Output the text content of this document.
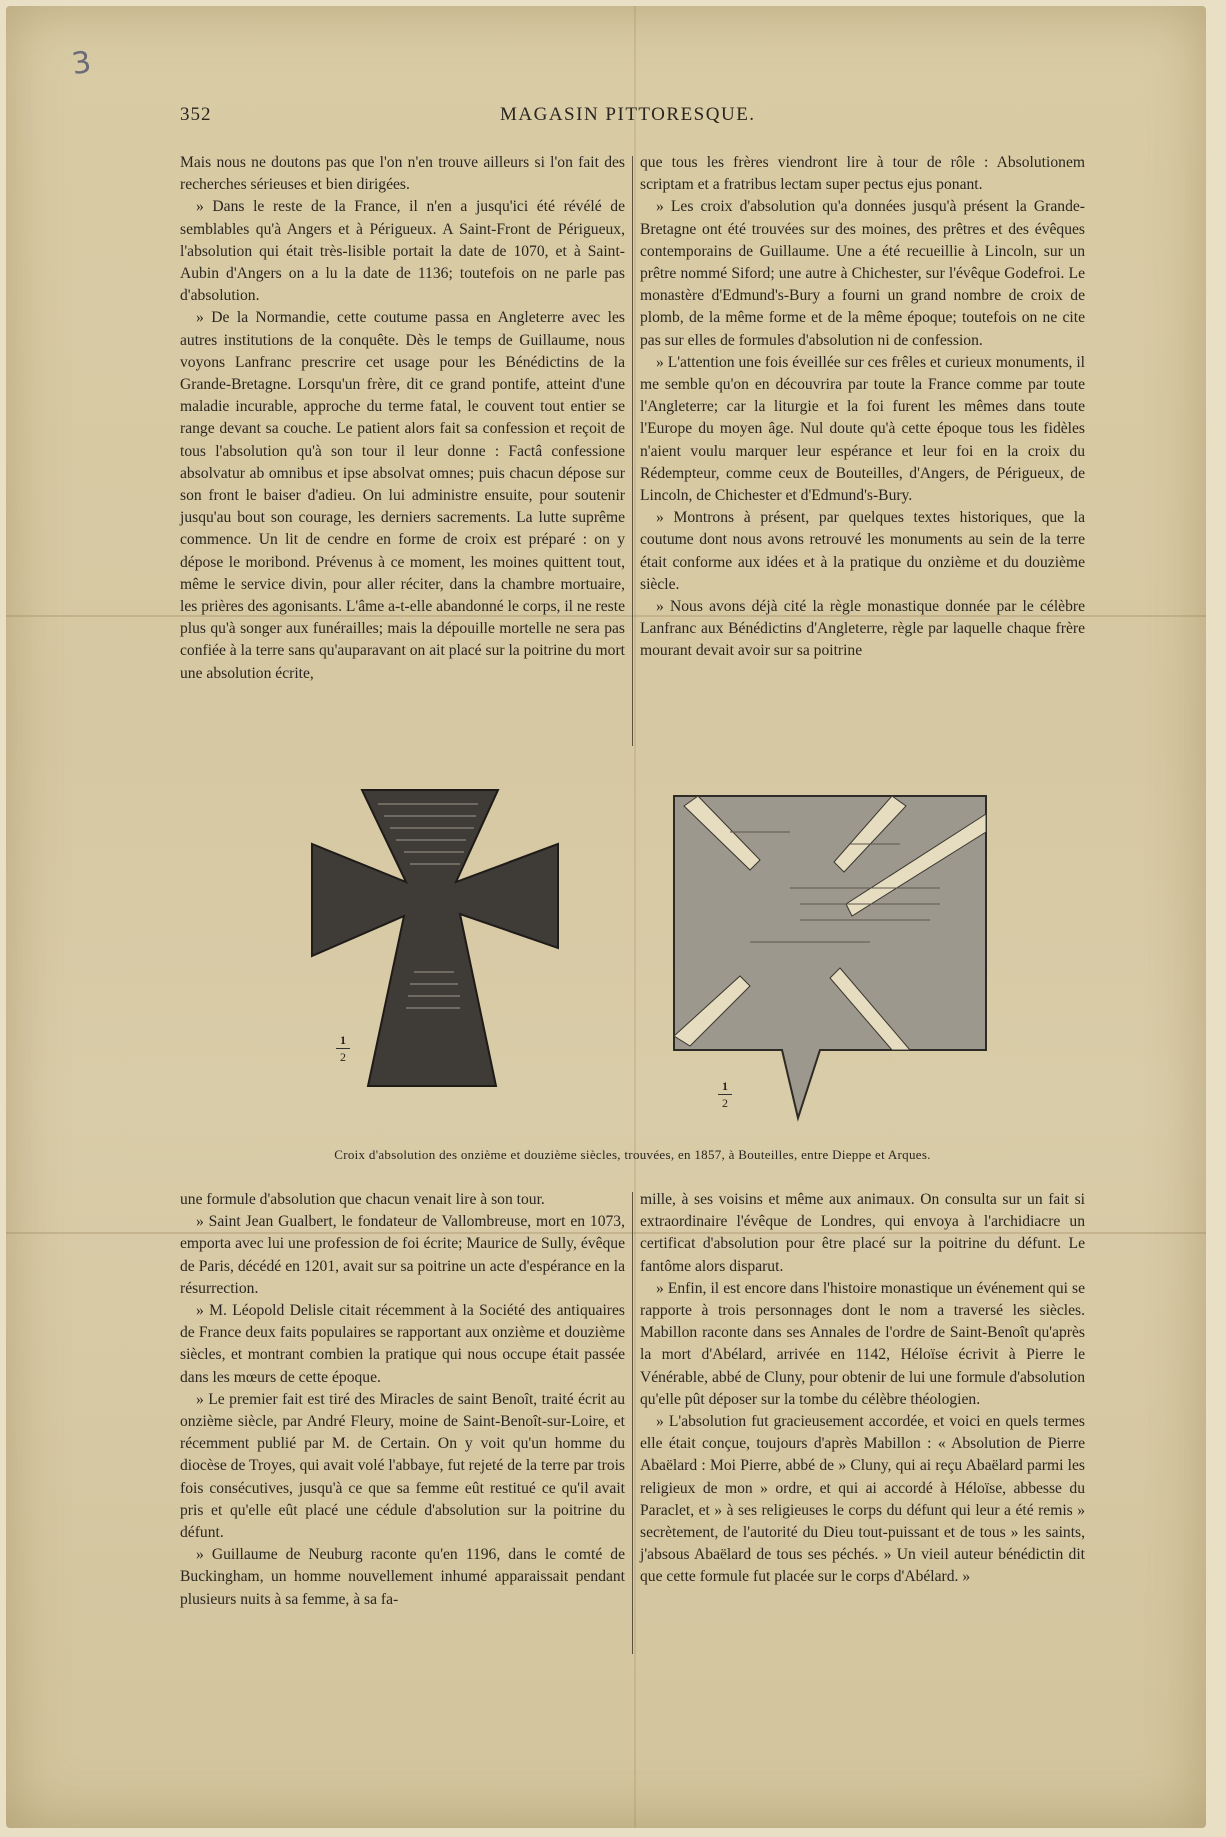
3
352	MAGASIN PITTORESQUE.

Mais nous ne doutons pas que l'on n'en trouve ailleurs si l'on fait des recherches sérieuses et bien dirigées.

» Dans le reste de la France, il n'en a jusqu'ici été révélé de semblables qu'à Angers et à Périgueux. A Saint-Front de Périgueux, l'absolution qui était très-lisible portait la date de 1070, et à Saint-Aubin d'Angers on a lu la date de 1136; toutefois on ne parle pas d'absolution.

» De la Normandie, cette coutume passa en Angleterre avec les autres institutions de la conquête. Dès le temps de Guillaume, nous voyons Lanfranc prescrire cet usage pour les Bénédictins de la Grande-Bretagne. Lorsqu'un frère, dit ce grand pontife, atteint d'une maladie incurable, approche du terme fatal, le couvent tout entier se range devant sa couche. Le patient alors fait sa confession et reçoit de tous l'absolution qu'à son tour il leur donne : Factâ confessione absolvatur ab omnibus et ipse absolvat omnes; puis chacun dépose sur son front le baiser d'adieu. On lui administre ensuite, pour soutenir jusqu'au bout son courage, les derniers sacrements. La lutte suprême commence. Un lit de cendre en forme de croix est préparé : on y dépose le moribond. Prévenus à ce moment, les moines quittent tout, même le service divin, pour aller réciter, dans la chambre mortuaire, les prières des agonisants. L'âme a-t-elle abandonné le corps, il ne reste plus qu'à songer aux funérailles; mais la dépouille mortelle ne sera pas confiée à la terre sans qu'auparavant on ait placé sur la poitrine du mort une absolution écrite,

que tous les frères viendront lire à tour de rôle : Absolutionem scriptam et a fratribus lectam super pectus ejus ponant.

» Les croix d'absolution qu'a données jusqu'à présent la Grande-Bretagne ont été trouvées sur des moines, des prêtres et des évêques contemporains de Guillaume. Une a été recueillie à Lincoln, sur un prêtre nommé Siford; une autre à Chichester, sur l'évêque Godefroi. Le monastère d'Edmund's-Bury a fourni un grand nombre de croix de plomb, de la même forme et de la même époque; toutefois on ne cite pas sur elles de formules d'absolution ni de confession.

» L'attention une fois éveillée sur ces frêles et curieux monuments, il me semble qu'on en découvrira par toute la France comme par toute l'Angleterre; car la liturgie et la foi furent les mêmes dans toute l'Europe du moyen âge. Nul doute qu'à cette époque tous les fidèles n'aient voulu marquer leur espérance et leur foi en la croix du Rédempteur, comme ceux de Bouteilles, d'Angers, de Périgueux, de Lincoln, de Chichester et d'Edmund's-Bury.

» Montrons à présent, par quelques textes historiques, que la coutume dont nous avons retrouvé les monuments au sein de la terre était conforme aux idées et à la pratique du onzième et du douzième siècle.

» Nous avons déjà cité la règle monastique donnée par le célèbre Lanfranc aux Bénédictins d'Angleterre, règle par laquelle chaque frère mourant devait avoir sur sa poitrine

$\frac{1}{2}$
$\frac{1}{2}$
Croix d'absolution des onzième et douzième siècles, trouvées, en 1857, à Bouteilles, entre Dieppe et Arques.

une formule d'absolution que chacun venait lire à son tour.

» Saint Jean Gualbert, le fondateur de Vallombreuse, mort en 1073, emporta avec lui une profession de foi écrite; Maurice de Sully, évêque de Paris, décédé en 1201, avait sur sa poitrine un acte d'espérance en la résurrection.

» M. Léopold Delisle citait récemment à la Société des antiquaires de France deux faits populaires se rapportant aux onzième et douzième siècles, et montrant combien la pratique qui nous occupe était passée dans les mœurs de cette époque.

» Le premier fait est tiré des Miracles de saint Benoît, traité écrit au onzième siècle, par André Fleury, moine de Saint-Benoît-sur-Loire, et récemment publié par M. de Certain. On y voit qu'un homme du diocèse de Troyes, qui avait volé l'abbaye, fut rejeté de la terre par trois fois consécutives, jusqu'à ce que sa femme eût restitué ce qu'il avait pris et qu'elle eût placé une cédule d'absolution sur la poitrine du défunt.

» Guillaume de Neuburg raconte qu'en 1196, dans le comté de Buckingham, un homme nouvellement inhumé apparaissait pendant plusieurs nuits à sa femme, à sa fa-

mille, à ses voisins et même aux animaux. On consulta sur un fait si extraordinaire l'évêque de Londres, qui envoya à l'archidiacre un certificat d'absolution pour être placé sur la poitrine du défunt. Le fantôme alors disparut.

» Enfin, il est encore dans l'histoire monastique un événement qui se rapporte à trois personnages dont le nom a traversé les siècles. Mabillon raconte dans ses Annales de l'ordre de Saint-Benoît qu'après la mort d'Abélard, arrivée en 1142, Héloïse écrivit à Pierre le Vénérable, abbé de Cluny, pour obtenir de lui une formule d'absolution qu'elle pût déposer sur la tombe du célèbre théologien.

» L'absolution fut gracieusement accordée, et voici en quels termes elle était conçue, toujours d'après Mabillon : « Absolution de Pierre Abaëlard : Moi Pierre, abbé de » Cluny, qui ai reçu Abaëlard parmi les religieux de mon » ordre, et qui ai accordé à Héloïse, abbesse du Paraclet, et » à ses religieuses le corps du défunt qui leur a été remis » secrètement, de l'autorité du Dieu tout-puissant et de tous » les saints, j'absous Abaëlard de tous ses péchés. » Un vieil auteur bénédictin dit que cette formule fut placée sur le corps d'Abélard. »
